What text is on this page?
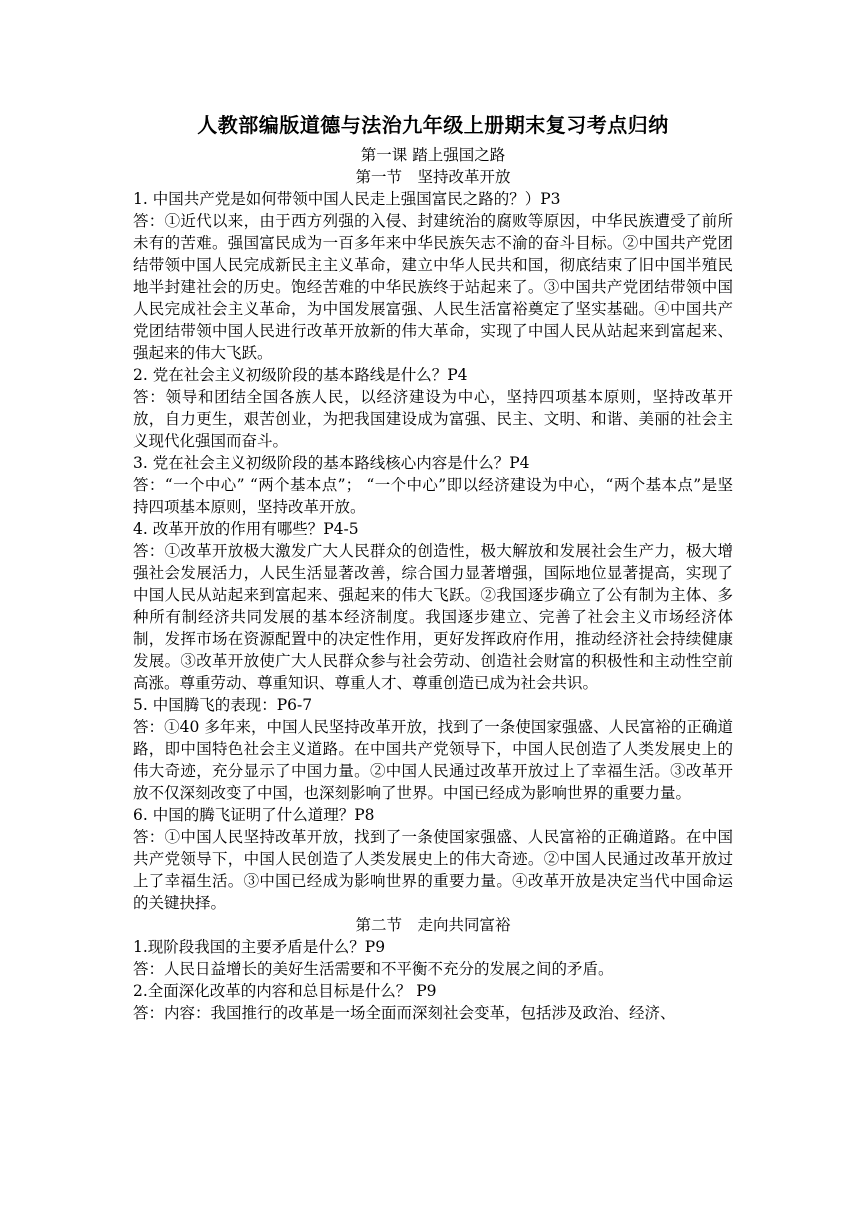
人教部编版道德与法治九年级上册期末复习考点归纳
第一课 踏上强国之路
第一节　坚持改革开放
1. 中国共产党是如何带领中国人民走上强国富民之路的？）P3
答：①近代以来，由于西方列强的入侵、封建统治的腐败等原因，中华民族遭受了前所未有的苦难。强国富民成为一百多年来中华民族矢志不渝的奋斗目标。②中国共产党团结带领中国人民完成新民主主义革命，建立中华人民共和国，彻底结束了旧中国半殖民地半封建社会的历史。饱经苦难的中华民族终于站起来了。③中国共产党团结带领中国人民完成社会主义革命，为中国发展富强、人民生活富裕奠定了坚实基础。④中国共产党团结带领中国人民进行改革开放新的伟大革命，实现了中国人民从站起来到富起来、强起来的伟大飞跃。
2. 党在社会主义初级阶段的基本路线是什么？P4
答：领导和团结全国各族人民，以经济建设为中心，坚持四项基本原则，坚持改革开放，自力更生，艰苦创业，为把我国建设成为富强、民主、文明、和谐、美丽的社会主义现代化强国而奋斗。
3. 党在社会主义初级阶段的基本路线核心内容是什么？P4
答：“一个中心” “两个基本点”； “一个中心”即以经济建设为中心，“两个基本点”是坚持四项基本原则，坚持改革开放。
4. 改革开放的作用有哪些？P4-5
答：①改革开放极大激发广大人民群众的创造性，极大解放和发展社会生产力，极大增强社会发展活力，人民生活显著改善，综合国力显著增强，国际地位显著提高，实现了中国人民从站起来到富起来、强起来的伟大飞跃。②我国逐步确立了公有制为主体、多种所有制经济共同发展的基本经济制度。我国逐步建立、完善了社会主义市场经济体制，发挥市场在资源配置中的决定性作用，更好发挥政府作用，推动经济社会持续健康发展。③改革开放使广大人民群众参与社会劳动、创造社会财富的积极性和主动性空前高涨。尊重劳动、尊重知识、尊重人才、尊重创造已成为社会共识。
5. 中国腾飞的表现：P6-7
答：①40 多年来，中国人民坚持改革开放，找到了一条使国家强盛、人民富裕的正确道路，即中国特色社会主义道路。在中国共产党领导下，中国人民创造了人类发展史上的伟大奇迹，充分显示了中国力量。②中国人民通过改革开放过上了幸福生活。③改革开放不仅深刻改变了中国，也深刻影响了世界。中国已经成为影响世界的重要力量。
6. 中国的腾飞证明了什么道理？P8
答：①中国人民坚持改革开放，找到了一条使国家强盛、人民富裕的正确道路。在中国共产党领导下，中国人民创造了人类发展史上的伟大奇迹。②中国人民通过改革开放过上了幸福生活。③中国已经成为影响世界的重要力量。④改革开放是决定当代中国命运的关键抉择。
第二节　走向共同富裕
1.现阶段我国的主要矛盾是什么？P9
答：人民日益增长的美好生活需要和不平衡不充分的发展之间的矛盾。
2.全面深化改革的内容和总目标是什么？ P9
答：内容：我国推行的改革是一场全面而深刻社会变革，包括涉及政治、经济、
